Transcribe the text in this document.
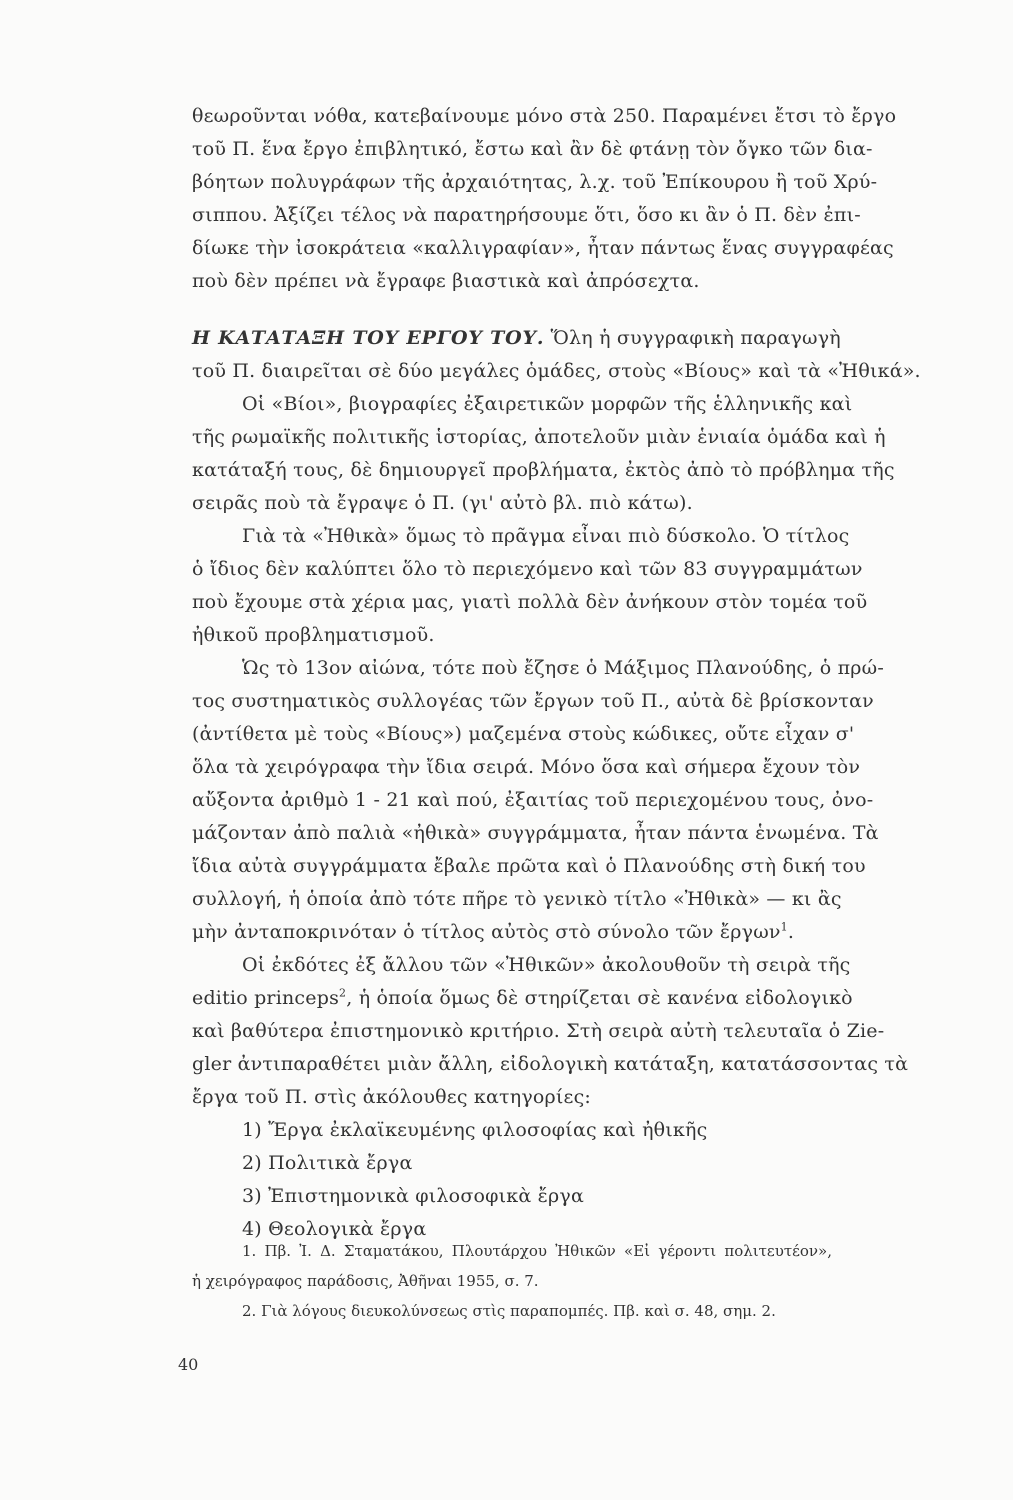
θεωροῦνται νόθα, κατεβαίνουμε μόνο στὰ 250. Παραμένει ἔτσι τὸ ἔργο
τοῦ Π. ἕνα ἔργο ἐπιβλητικό, ἔστω καὶ ἂν δὲ φτάνῃ τὸν ὄγκο τῶν δια-
βόητων πολυγράφων τῆς ἀρχαιότητας, λ.χ. τοῦ Ἐπίκουρου ἢ τοῦ Χρύ-
σιππου. Ἀξίζει τέλος νὰ παρατηρήσουμε ὅτι, ὅσο κι ἂν ὁ Π. δὲν ἐπι-
δίωκε τὴν ἰσοκράτεια «καλλιγραφίαν», ἦταν πάντως ἕνας συγγραφέας
ποὺ δὲν πρέπει νὰ ἔγραφε βιαστικὰ καὶ ἀπρόσεχτα.
Η ΚΑΤΑΤΑΞΗ ΤΟΥ ΕΡΓΟΥ ΤΟΥ. Ὅλη ἡ συγγραφικὴ παραγωγὴ
τοῦ Π. διαιρεῖται σὲ δύο μεγάλες ὁμάδες, στοὺς «Βίους» καὶ τὰ «Ἠθικά».
Οἱ «Βίοι», βιογραφίες ἐξαιρετικῶν μορφῶν τῆς ἑλληνικῆς καὶ
τῆς ρωμαϊκῆς πολιτικῆς ἱστορίας, ἀποτελοῦν μιὰν ἑνιαία ὁμάδα καὶ ἡ
κατάταξή τους, δὲ δημιουργεῖ προβλήματα, ἐκτὸς ἀπὸ τὸ πρόβλημα τῆς
σειρᾶς ποὺ τὰ ἔγραψε ὁ Π. (γι' αὐτὸ βλ. πιὸ κάτω).
Γιὰ τὰ «Ἠθικὰ» ὅμως τὸ πρᾶγμα εἶναι πιὸ δύσκολο. Ὁ τίτλος
ὁ ἴδιος δὲν καλύπτει ὅλο τὸ περιεχόμενο καὶ τῶν 83 συγγραμμάτων
ποὺ ἔχουμε στὰ χέρια μας, γιατὶ πολλὰ δὲν ἀνήκουν στὸν τομέα τοῦ
ἠθικοῦ προβληματισμοῦ.
Ὡς τὸ 13ον αἰώνα, τότε ποὺ ἔζησε ὁ Μάξιμος Πλανούδης, ὁ πρώ-
τος συστηματικὸς συλλογέας τῶν ἔργων τοῦ Π., αὐτὰ δὲ βρίσκονταν
(ἀντίθετα μὲ τοὺς «Βίους») μαζεμένα στοὺς κώδικες, οὔτε εἶχαν σ'
ὅλα τὰ χειρόγραφα τὴν ἴδια σειρά. Μόνο ὅσα καὶ σήμερα ἔχουν τὸν
αὔξοντα ἀριθμὸ 1 - 21 καὶ πού, ἐξαιτίας τοῦ περιεχομένου τους, ὀνο-
μάζονταν ἀπὸ παλιὰ «ἠθικὰ» συγγράμματα, ἦταν πάντα ἑνωμένα. Τὰ
ἴδια αὐτὰ συγγράμματα ἔβαλε πρῶτα καὶ ὁ Πλανούδης στὴ δική του
συλλογή, ἡ ὁποία ἀπὸ τότε πῆρε τὸ γενικὸ τίτλο «Ἠθικὰ» — κι ἂς
μὴν ἀνταποκρινόταν ὁ τίτλος αὐτὸς στὸ σύνολο τῶν ἔργων$^1$.
Οἱ ἐκδότες ἐξ ἄλλου τῶν «Ἠθικῶν» ἀκολουθοῦν τὴ σειρὰ τῆς
editio princeps$^2$, ἡ ὁποία ὅμως δὲ στηρίζεται σὲ κανένα εἰδολογικὸ
καὶ βαθύτερα ἐπιστημονικὸ κριτήριο. Στὴ σειρὰ αὐτὴ τελευταῖα ὁ Zie-
gler ἀντιπαραθέτει μιὰν ἄλλη, εἰδολογικὴ κατάταξη, κατατάσσοντας τὰ
ἔργα τοῦ Π. στὶς ἀκόλουθες κατηγορίες:
1) Ἔργα ἐκλαϊκευμένης φιλοσοφίας καὶ ἠθικῆς
2) Πολιτικὰ ἔργα
3) Ἐπιστημονικὰ φιλοσοφικὰ ἔργα
4) Θεολογικὰ ἔργα
1. Πβ. Ἰ. Δ. Σταματάκου, Πλουτάρχου Ἠθικῶν «Εἰ γέροντι πολιτευτέον»,
ἡ χειρόγραφος παράδοσις, Ἀθῆναι 1955, σ. 7.
2. Γιὰ λόγους διευκολύνσεως στὶς παραπομπές. Πβ. καὶ σ. 48, σημ. 2.
40
